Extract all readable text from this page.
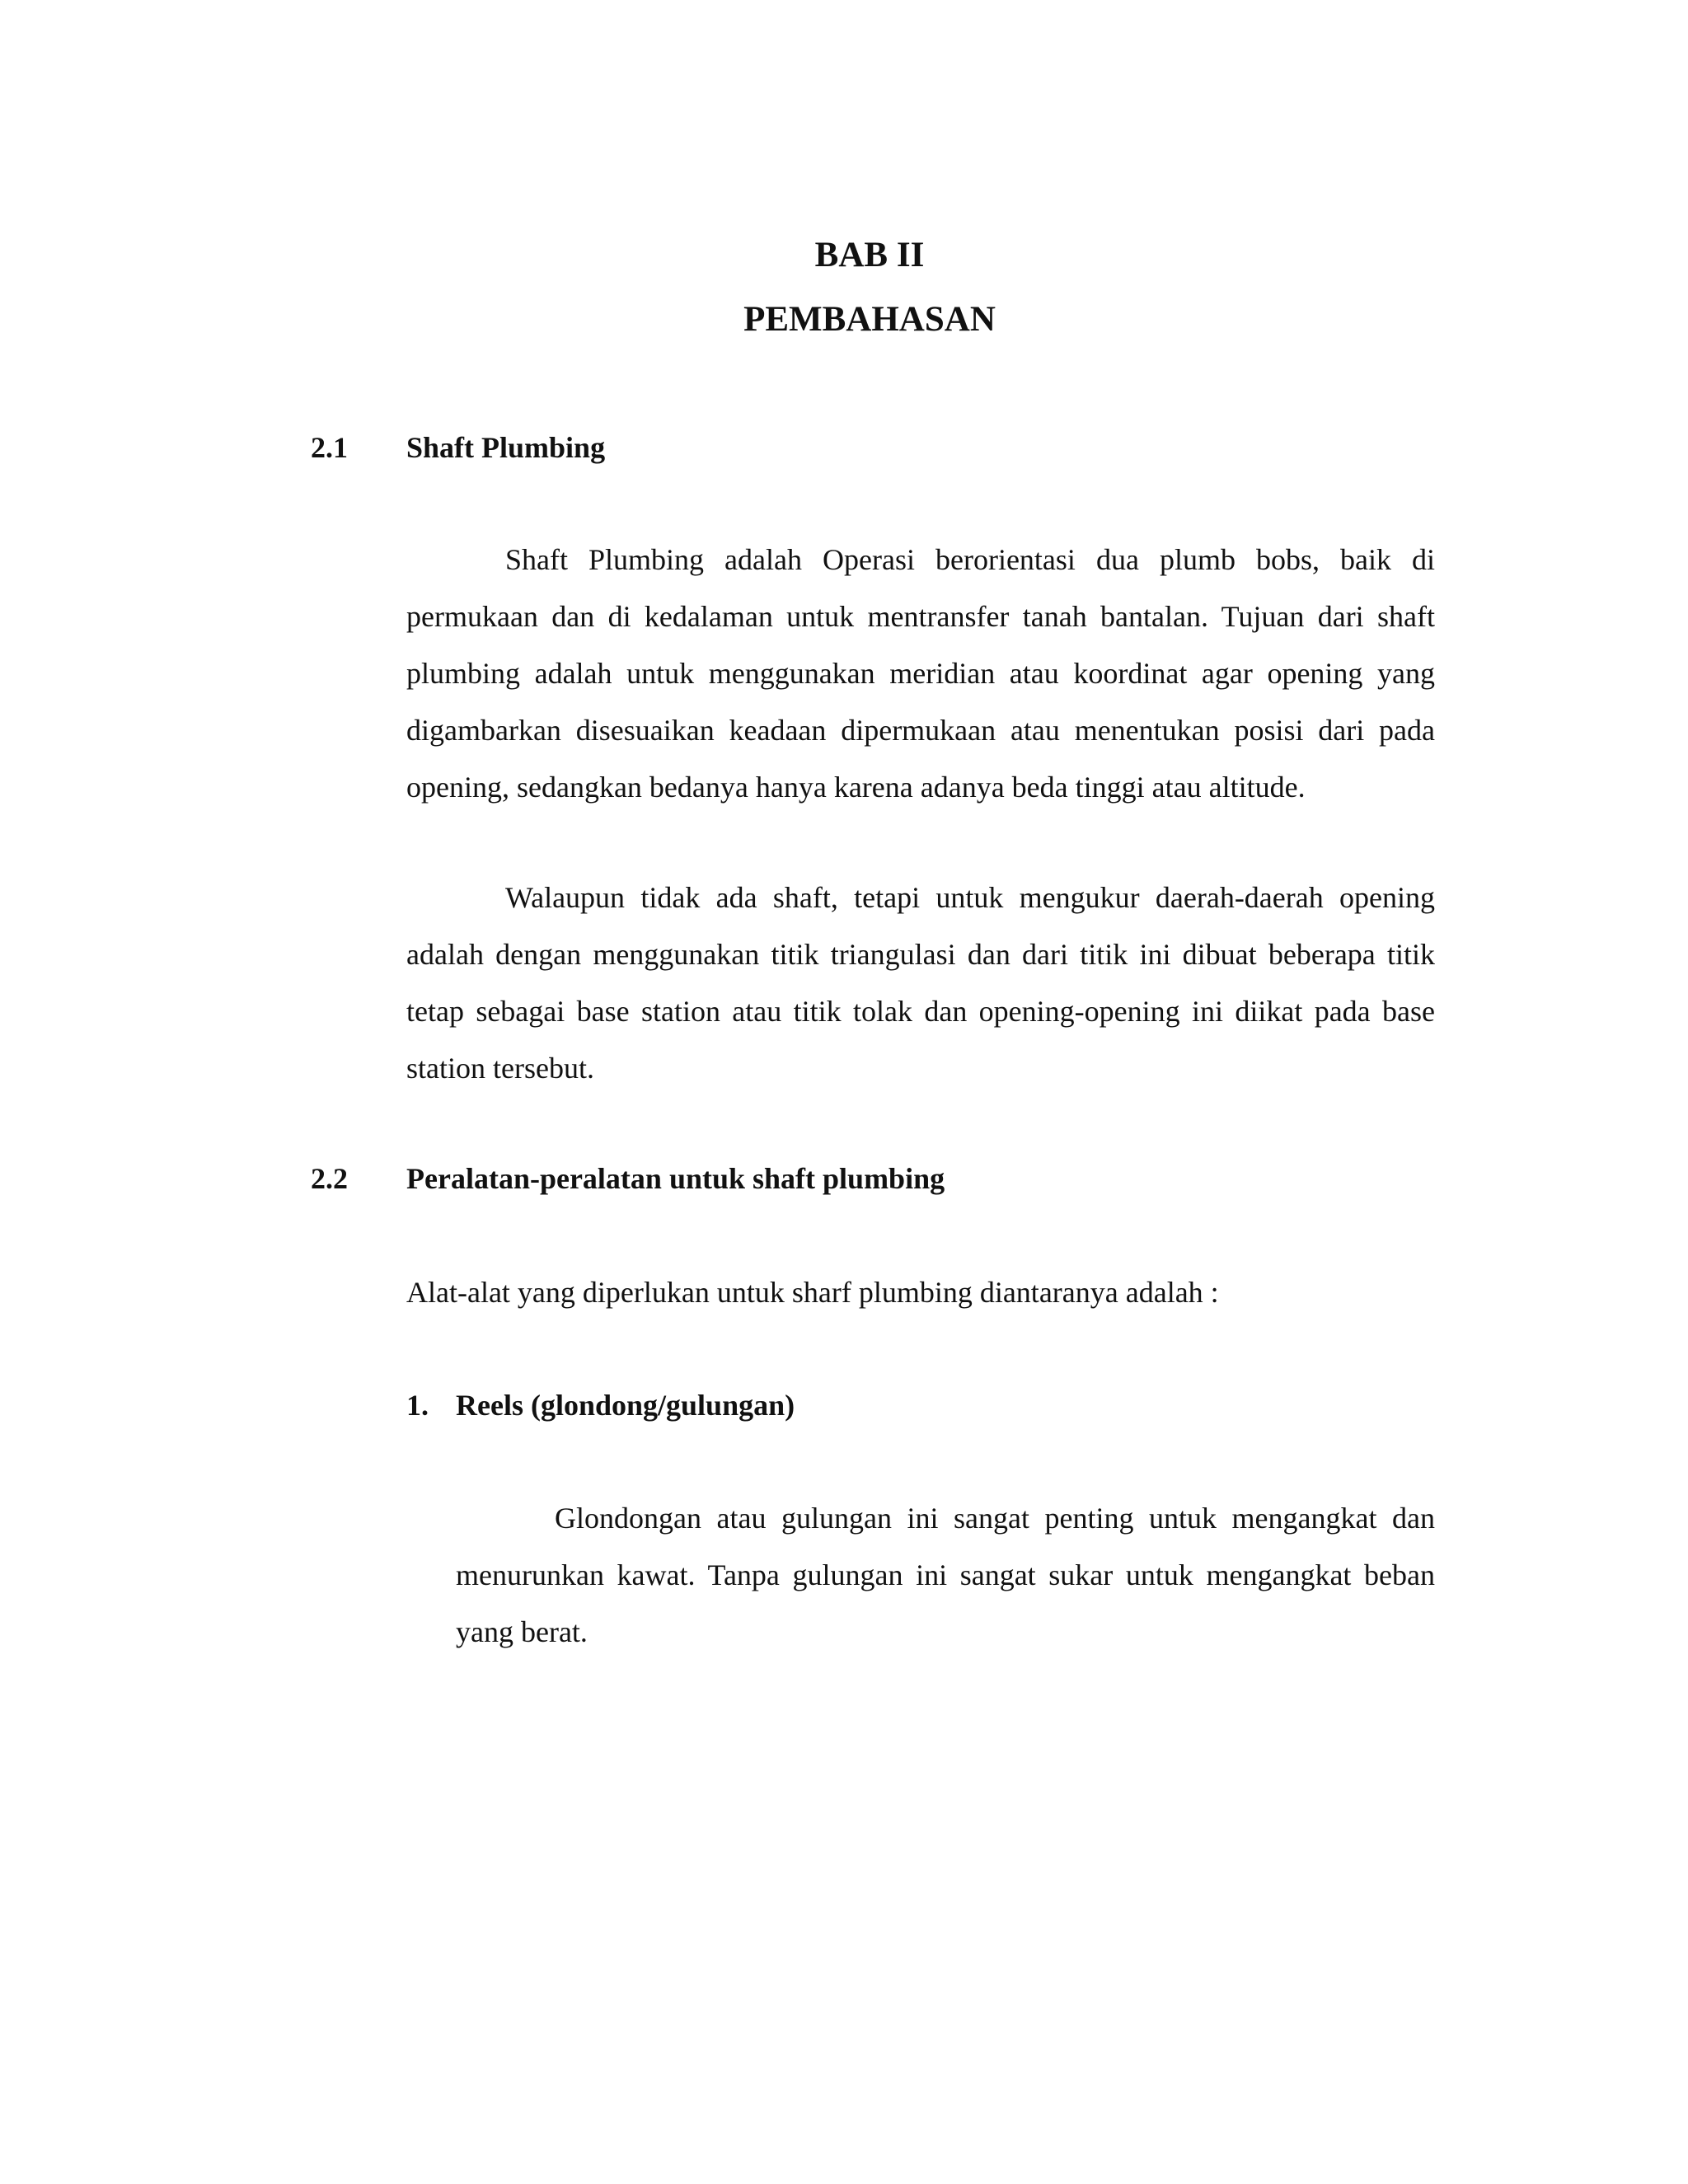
BAB II
PEMBAHASAN
2.1 Shaft Plumbing

Shaft Plumbing adalah Operasi berorientasi dua plumb bobs, baik di permukaan dan di kedalaman untuk mentransfer tanah bantalan. Tujuan dari shaft plumbing adalah untuk menggunakan meridian atau koordinat agar opening yang digambarkan disesuaikan keadaan dipermukaan atau menentukan posisi dari pada opening, sedangkan bedanya hanya karena adanya beda tinggi atau altitude.

Walaupun tidak ada shaft, tetapi untuk mengukur daerah-daerah opening adalah dengan menggunakan titik triangulasi dan dari titik ini dibuat beberapa titik tetap sebagai base station atau titik tolak dan opening-opening ini diikat pada base station tersebut.

2.2 Peralatan-peralatan untuk shaft plumbing

Alat-alat yang diperlukan untuk sharf plumbing diantaranya adalah :

1. Reels (glondong/gulungan)

Glondongan atau gulungan ini sangat penting untuk mengangkat dan menurunkan kawat. Tanpa gulungan ini sangat sukar untuk mengangkat beban yang berat.
